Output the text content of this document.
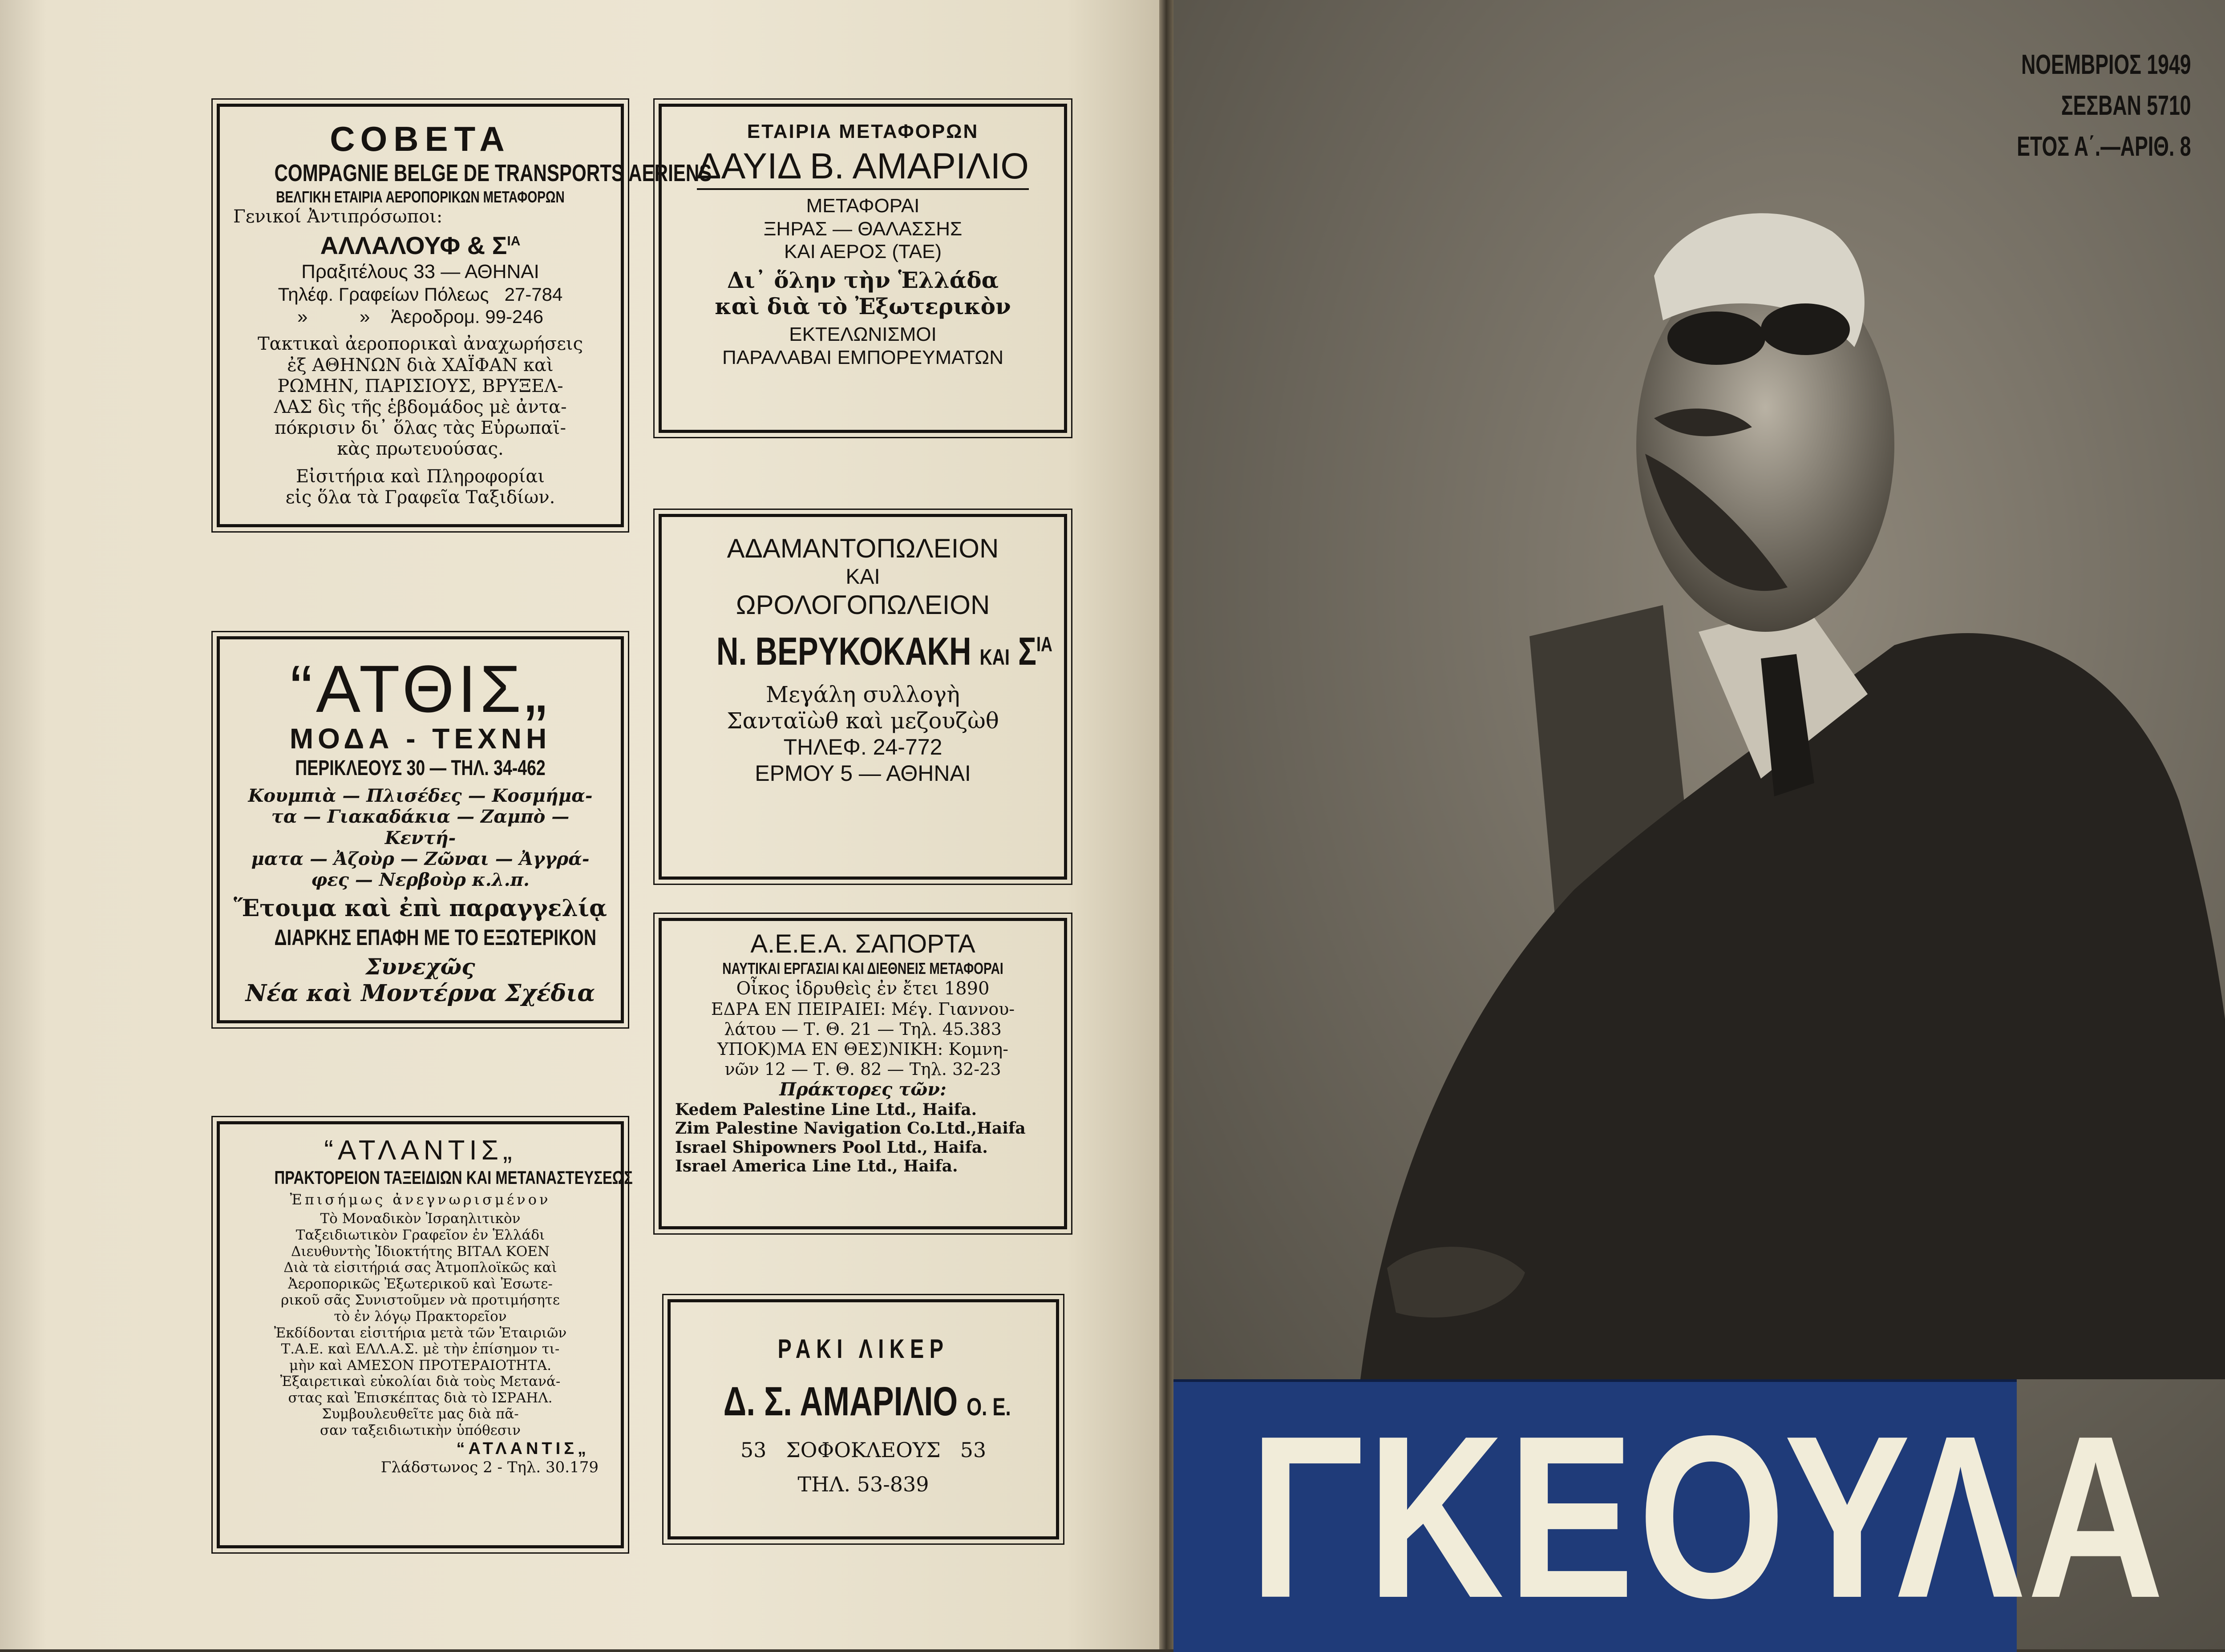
СОВЕТА
COMPAGNIE BELGE DE TRANSPORTS AERIENS
ΒΕΛΓΙΚΗ ΕΤΑΙΡΙΑ ΑΕΡΟΠΟΡΙΚΩΝ ΜΕΤΑΦΟΡΩΝ
Γενικοί Ἀντιπρόσωποι:
ΑΛΛΑΛΟΥΦ & $\Sigma^{IA}$
Πραξιτέλους 33 — ΑΘΗΝΑΙ
Τηλέφ. Γραφείων Πόλεως 27-784
»          » Ἀεροδρομ. 99-246
Τακτικαὶ ἀεροπορικαὶ ἀναχωρήσεις
ἐξ ΑΘΗΝΩΝ διὰ ΧΑΪΦΑΝ καὶ
ΡΩΜΗΝ, ΠΑΡΙΣΙΟΥΣ, ΒΡΥΞΕΛ-
ΛΑΣ δὶς τῆς ἑβδομάδος μὲ ἀντα-
πόκρισιν δι᾽ ὅλας τὰς Εὐρωπαϊ-
κὰς πρωτευούσας.
Εἰσιτήρια καὶ Πληροφορίαι
εἰς ὅλα τὰ Γραφεῖα Ταξιδίων.
ΕΤΑΙΡΙΑ ΜΕΤΑΦΟΡΩΝ
ΔΑΥΙΔ Β. ΑΜΑΡΙΛΙΟ
ΜΕΤΑΦΟΡΑΙ
ΞΗΡΑΣ — ΘΑΛΑΣΣΗΣ
ΚΑΙ ΑΕΡΟΣ (ΤΑΕ)
Δι᾽ ὅλην τὴν Ἑλλάδα
καὶ διὰ τὸ Ἐξωτερικὸν
ΕΚΤΕΛΩΝΙΣΜΟΙ
ΠΑΡΑΛΑΒΑΙ ΕΜΠΟΡΕΥΜΑΤΩΝ
“ΑΤΘΙΣ„
ΜΟΔΑ - ΤΕΧΝΗ
ΠΕΡΙΚΛΕΟΥΣ 30 — ΤΗΛ. 34-462
Κουμπιὰ — Πλισέδες — Κοσμήμα-
τα — Γιακαδάκια — Ζαμπὸ — Κεντή-
ματα — Ἀζοὺρ — Ζῶναι — Ἀγγρά-
φες — Νερβοὺρ κ.λ.π.
Ἕτοιμα καὶ ἐπὶ παραγγελίᾳ
ΔΙΑΡΚΗΣ ΕΠΑΦΗ ΜΕ ΤΟ ΕΞΩΤΕΡΙΚΟΝ
Συνεχῶς
Νέα καὶ Μοντέρνα Σχέδια
ΑΔΑΜΑΝΤΟΠΩΛΕΙΟΝ
ΚΑΙ
ΩΡΟΛΟΓΟΠΩΛΕΙΟΝ
Ν. ΒΕΡΥΚΟΚΑΚΗ ΚΑΙ $\Sigma^{IA}$
Μεγάλη συλλογὴ
Σανταϊὼθ καὶ μεζουζὼθ
ΤΗΛΕΦ. 24-772
ΕΡΜΟΥ 5 — ΑΘΗΝΑΙ
“ΑΤΛΑΝΤΙΣ„
ΠΡΑΚΤΟΡΕΙΟΝ ΤΑΞΕΙΔΙΩΝ ΚΑΙ ΜΕΤΑΝΑΣΤΕΥΣΕΩΣ
Ἐπισήμως ἀνεγνωρισμένον
Τὸ Μοναδικὸν Ἰσραηλιτικὸν
Ταξειδιωτικὸν Γραφεῖον ἐν Ἑλλάδι
Διευθυντὴς Ἰδιοκτήτης ΒΙΤΑΛ ΚΟΕΝ
Διὰ τὰ εἰσιτήριά σας Ἀτμοπλοϊκῶς καὶ
Ἀεροπορικῶς Ἐξωτερικοῦ καὶ Ἐσωτε-
ρικοῦ σᾶς Συνιστοῦμεν νὰ προτιμήσητε
τὸ ἐν λόγῳ Πρακτορεῖον
Ἐκδίδονται εἰσιτήρια μετὰ τῶν Ἑταιριῶν
Τ.Α.Ε. καὶ ΕΛΛ.Α.Σ. μὲ τὴν ἐπίσημον τι-
μὴν καὶ ΑΜΕΣΟΝ ΠΡΟΤΕΡΑΙΟΤΗΤΑ.
Ἐξαιρετικαὶ εὐκολίαι διὰ τοὺς Μετανά-
στας καὶ Ἐπισκέπτας διὰ τὸ ΙΣΡΑΗΛ.
Συμβουλευθεῖτε μας διὰ πᾶ-
σαν ταξειδιωτικὴν ὑπόθεσιν
“ΑΤΛΑΝΤΙΣ„
Γλάδστωνος 2 - Τηλ. 30.179
Α.Ε.Ε.Α. ΣΑΠΟΡΤΑ
ΝΑΥΤΙΚΑΙ ΕΡΓΑΣΙΑΙ ΚΑΙ ΔΙΕΘΝΕΙΣ ΜΕΤΑΦΟΡΑΙ
Οἶκος ἱδρυθεὶς ἐν ἔτει 1890
ΕΔΡΑ ΕΝ ΠΕΙΡΑΙΕΙ: Μέγ. Γιαννου-
λάτου — Τ. Θ. 21 — Τηλ. 45.383
ΥΠΟΚ)ΜΑ ΕΝ ΘΕΣ)ΝΙΚΗ: Κομνη-
νῶν 12 — Τ. Θ. 82 — Τηλ. 32-23
Πράκτορες τῶν:
Kedem Palestine Line Ltd., Haifa.
Zim Palestine Navigation Co.Ltd.,Haifa
Israel Shipowners Pool Ltd., Haifa.
Israel America Line Ltd., Haifa.
ΡΑΚΙ ΛΙΚΕΡ
Δ. Σ. ΑΜΑΡΙΛΙΟ Ο. Ε.
53   ΣΟΦΟΚΛΕΟΥΣ   53
ΤΗΛ. 53-839
ΝΟΕΜΒΡΙΟΣ 1949
ΣΕΣΒΑΝ 5710
ΕΤΟΣ Α΄.—ΑΡΙΘ. 8
ΓΚΕΟΥΛΑ
